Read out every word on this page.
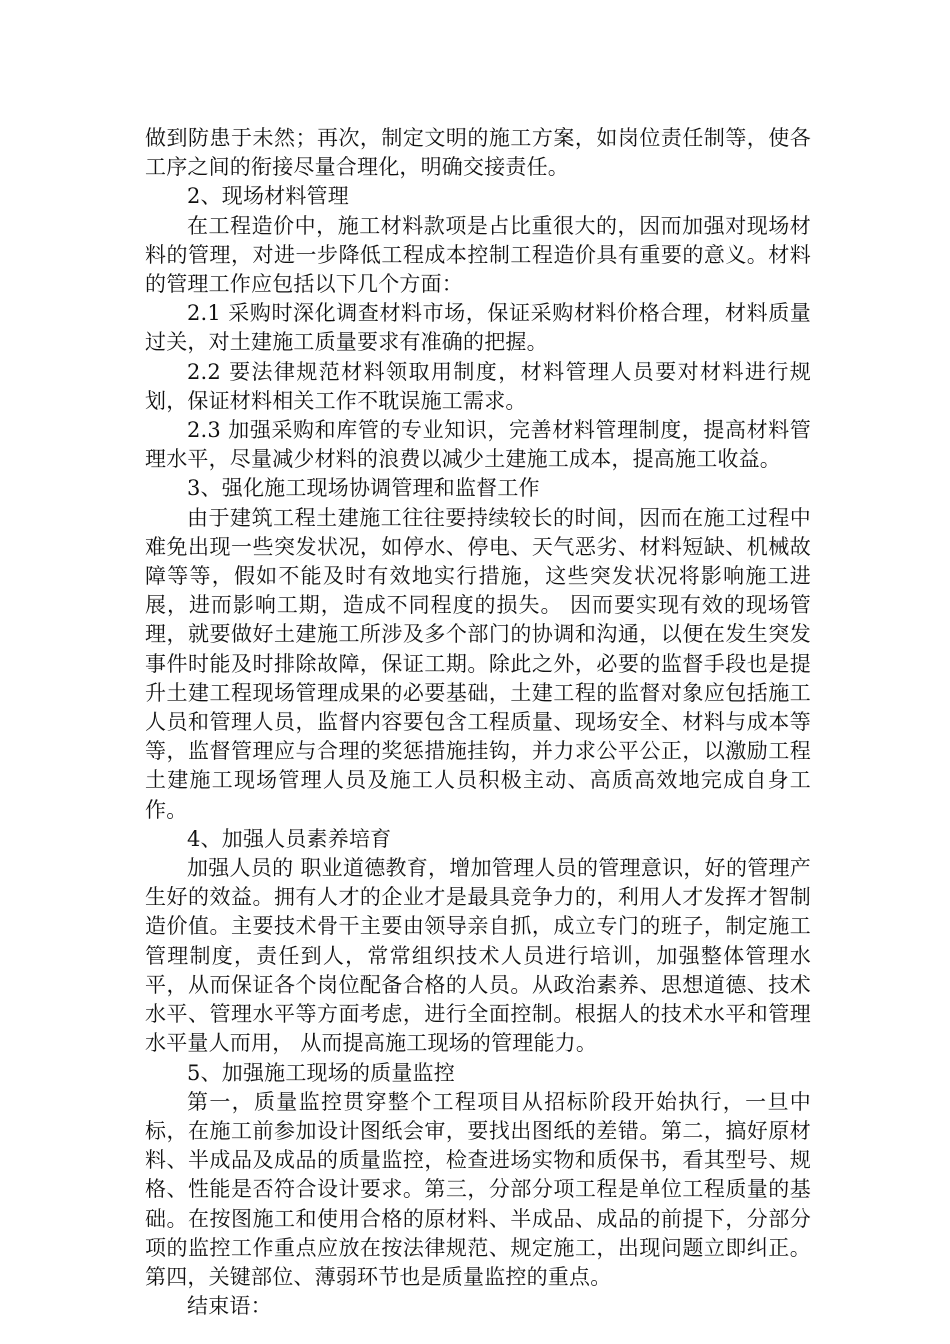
做到防患于未然；再次，制定文明的施工方案，如岗位责任制等，使各工序之间的衔接尽量合理化，明确交接责任。

2、现场材料管理

在工程造价中，施工材料款项是占比重很大的，因而加强对现场材料的管理，对进一步降低工程成本控制工程造价具有重要的意义。材料的管理工作应包括以下几个方面：

2.1 采购时深化调查材料市场，保证采购材料价格合理，材料质量过关，对土建施工质量要求有准确的把握。

2.2 要法律规范材料领取用制度，材料管理人员要对材料进行规划，保证材料相关工作不耽误施工需求。

2.3 加强采购和库管的专业知识，完善材料管理制度，提高材料管理水平，尽量减少材料的浪费以减少土建施工成本，提高施工收益。

3、强化施工现场协调管理和监督工作

由于建筑工程土建施工往往要持续较长的时间，因而在施工过程中难免出现一些突发状况，如停水、停电、天气恶劣、材料短缺、机械故障等等，假如不能及时有效地实行措施，这些突发状况将影响施工进展，进而影响工期，造成不同程度的损失。 因而要实现有效的现场管理，就要做好土建施工所涉及多个部门的协调和沟通，以便在发生突发事件时能及时排除故障，保证工期。除此之外，必要的监督手段也是提升土建工程现场管理成果的必要基础，土建工程的监督对象应包括施工人员和管理人员，监督内容要包含工程质量、现场安全、材料与成本等等，监督管理应与合理的奖惩措施挂钩，并力求公平公正，以激励工程土建施工现场管理人员及施工人员积极主动、高质高效地完成自身工作。

4、加强人员素养培育

加强人员的 职业道德教育，增加管理人员的管理意识，好的管理产生好的效益。拥有人才的企业才是最具竞争力的，利用人才发挥才智制造价值。主要技术骨干主要由领导亲自抓，成立专门的班子，制定施工管理制度，责任到人，常常组织技术人员进行培训，加强整体管理水平，从而保证各个岗位配备合格的人员。从政治素养、思想道德、技术水平、管理水平等方面考虑，进行全面控制。根据人的技术水平和管理水平量人而用， 从而提高施工现场的管理能力。

5、加强施工现场的质量监控

第一，质量监控贯穿整个工程项目从招标阶段开始执行，一旦中标，在施工前参加设计图纸会审，要找出图纸的差错。第二，搞好原材料、半成品及成品的质量监控，检查进场实物和质保书，看其型号、规格、性能是否符合设计要求。第三，分部分项工程是单位工程质量的基础。在按图施工和使用合格的原材料、半成品、成品的前提下，分部分项的监控工作重点应放在按法律规范、规定施工，出现问题立即纠正。第四，关键部位、薄弱环节也是质量监控的重点。

结束语：
